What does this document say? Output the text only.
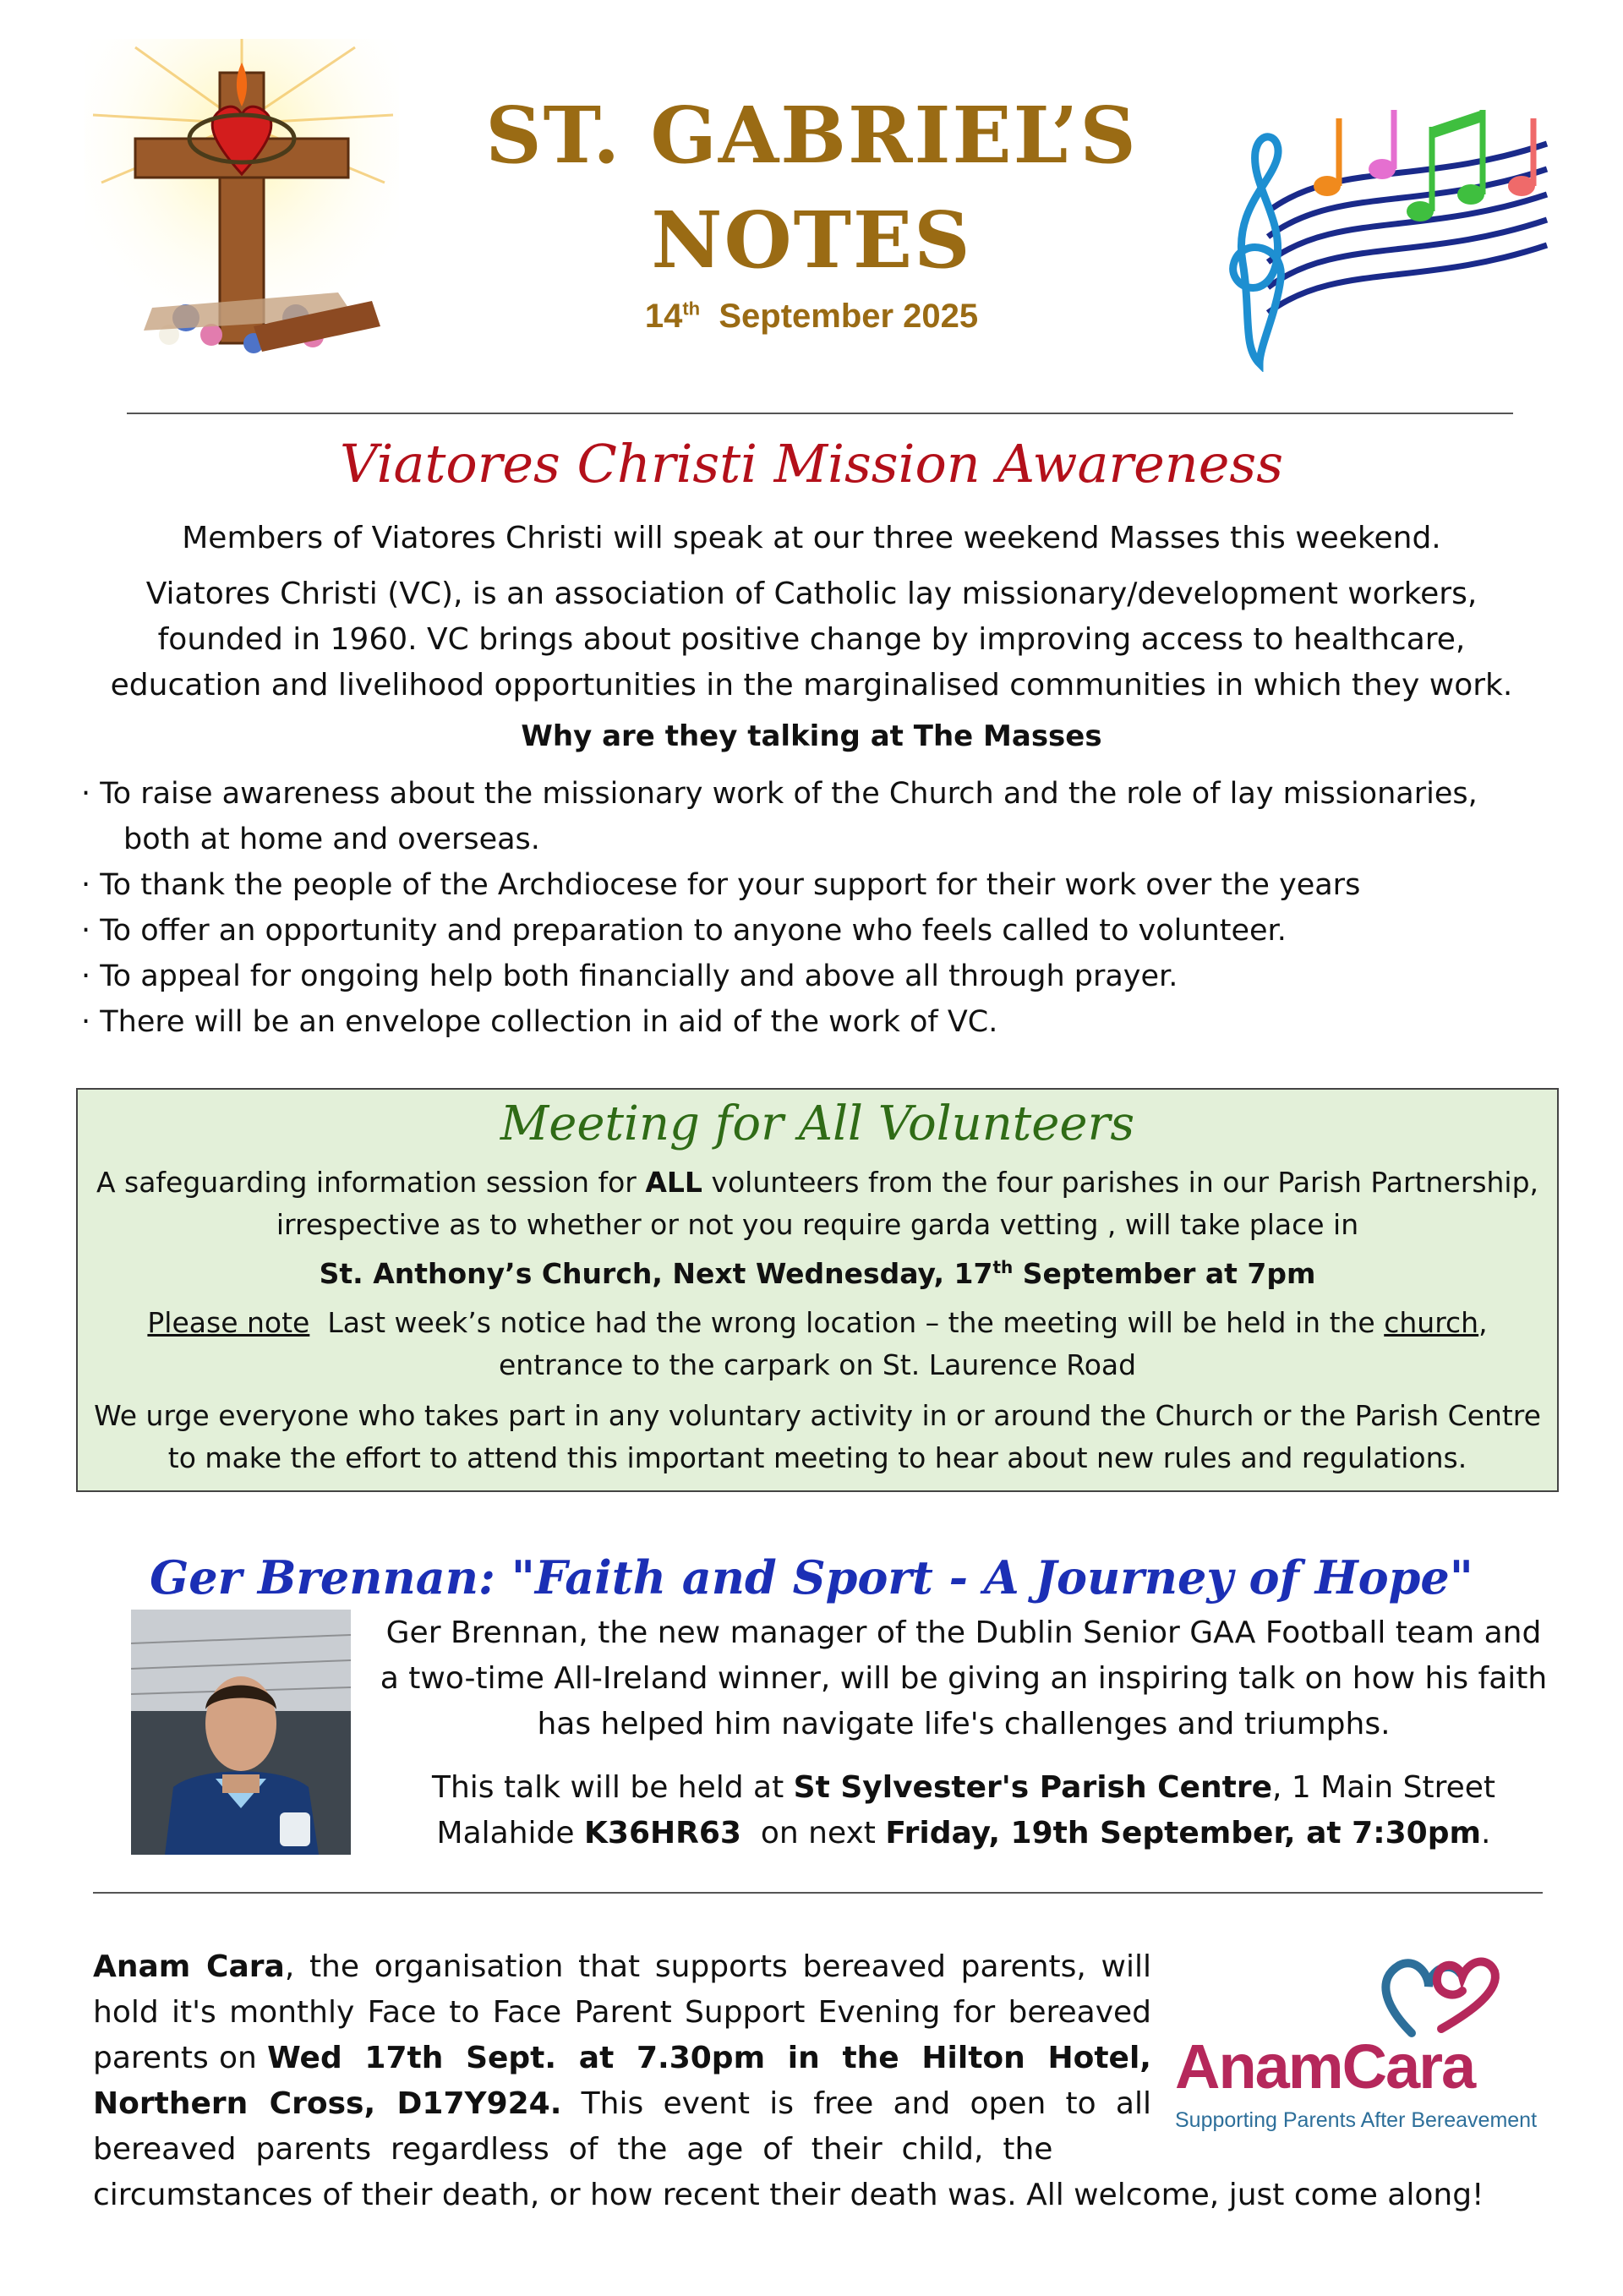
ST. GABRIEL’S
NOTES
14th September 2025
Viatores Christi Mission Awareness
Members of Viatores Christi will speak at our three weekend Masses this weekend.
Viatores Christi (VC), is an association of Catholic lay missionary/development workers, founded in 1960. VC brings about positive change by improving access to healthcare, education and livelihood opportunities in the marginalised communities in which they work.
Why are they talking at The Masses
· To raise awareness about the missionary work of the Church and the role of lay missionaries,
both at home and overseas.
· To thank the people of the Archdiocese for your support for their work over the years
· To offer an opportunity and preparation to anyone who feels called to volunteer.
· To appeal for ongoing help both financially and above all through prayer.
· There will be an envelope collection in aid of the work of VC.
Meeting for All Volunteers
A safeguarding information session for ALL volunteers from the four parishes in our Parish Partnership, irrespective as to whether or not you require garda vetting , will take place in
St. Anthony’s Church, Next Wednesday, 17th September at 7pm
Please note  Last week’s notice had the wrong location – the meeting will be held in the church, entrance to the carpark on St. Laurence Road
We urge everyone who takes part in any voluntary activity in or around the Church or the Parish Centre to make the effort to attend this important meeting to hear about new rules and regulations.
Ger Brennan: "Faith and Sport - A Journey of Hope"
Ger Brennan, the new manager of the Dublin Senior GAA Football team and a two-time All-Ireland winner, will be giving an inspiring talk on how his faith has helped him navigate life's challenges and triumphs.
This talk will be held at St Sylvester's Parish Centre, 1 Main Street Malahide K36HR63  on next Friday, 19th September, at 7:30pm.
Anam Cara, the organisation that supports bereaved parents, will hold it's monthly Face to Face Parent Support Evening for bereaved parents on Wed  17th  Sept.  at  7.30pm  in  the  Hilton  Hotel,  Northern  Cross,  D17Y924.  This  event  is  free  and  open  to  all bereaved  parents  regardless  of  the  age  of  their  child,  the
circumstances of their death, or how recent their death was. All welcome, just come along!
AnamCara
Supporting Parents After Bereavement
